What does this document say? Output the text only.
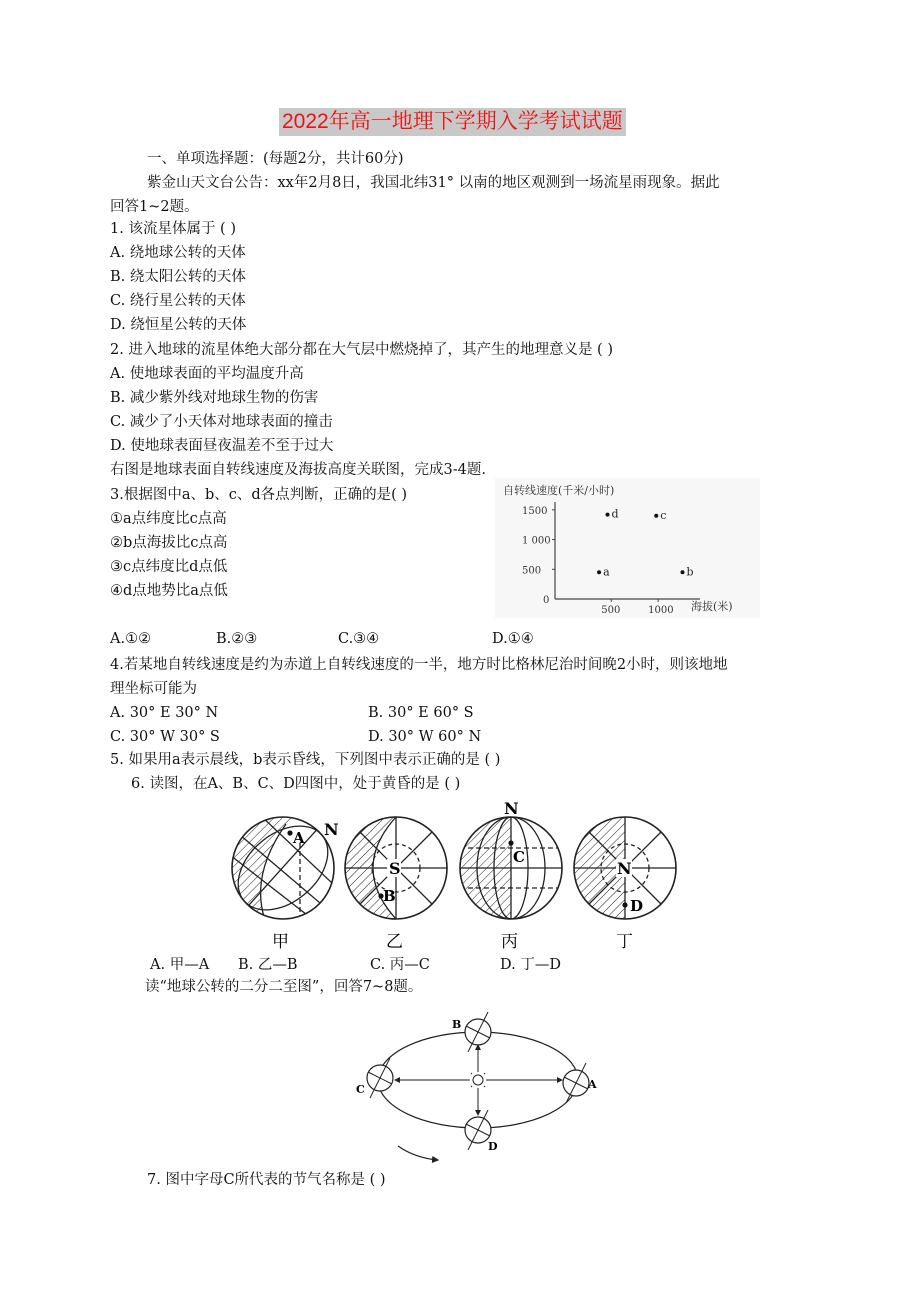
2022年高一地理下学期入学考试试题
一、单项选择题：(每题2分，共计60分)
紫金山天文台公告：xx年2月8日，我国北纬31° 以南的地区观测到一场流星雨现象。据此
回答1~2题。
1. 该流星体属于 ( )
A. 绕地球公转的天体
B. 绕太阳公转的天体
C. 绕行星公转的天体
D. 绕恒星公转的天体
2. 进入地球的流星体绝大部分都在大气层中燃烧掉了，其产生的地理意义是 ( )
A. 使地球表面的平均温度升高
B. 减少紫外线对地球生物的伤害
C. 减少了小天体对地球表面的撞击
D. 使地球表面昼夜温差不至于过大
右图是地球表面自转线速度及海拔高度关联图，完成3-4题.
3.根据图中a、b、c、d各点判断，正确的是( )
①a点纬度比c点高
②b点海拔比c点高
③c点纬度比d点低
④d点地势比a点低
自转线速度(千米/小时)
海拔(米)
500	1000
0
500
1 000
1500
a	b
c
d
A.①②	B.②③	C.③④	D.①④
4.若某地自转线速度是约为赤道上自转线速度的一半，地方时比格林尼治时间晚2小时，则该地地
理坐标可能为
A. 30° E 30° N	B. 30° E 60° S
C. 30° W 30° S	D. 30° W 60° N
5. 如果用a表示晨线，b表示昏线，下列图中表示正确的是 ( )
6. 读图，在A、B、C、D四图中，处于黄昏的是 ( )
A N
甲
S
B
乙
N
C
丙
N
D
丁
A. 甲—A B. 乙—B	C. 丙—C	D. 丁—D
读“地球公转的二分二至图”，回答7~8题。
A
B
C
D
7. 图中字母C所代表的节气名称是 ( )
